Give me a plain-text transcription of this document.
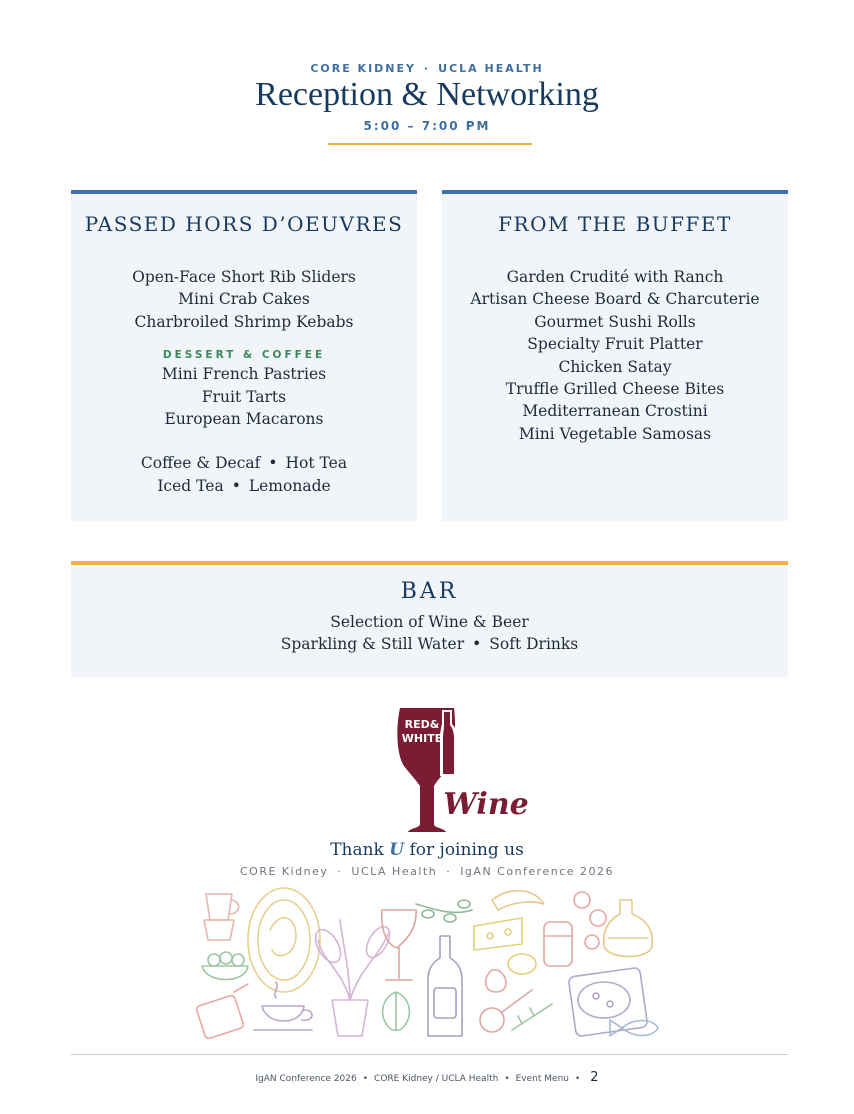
CORE KIDNEY · UCLA HEALTH
Reception & Networking
5:00 – 7:00 PM
PASSED HORS D’OEUVRES
Open-Face Short Rib Sliders
Mini Crab Cakes
Charbroiled Shrimp Kebabs
DESSERT & COFFEE
Mini French Pastries
Fruit Tarts
European Macarons
Coffee & Decaf • Hot Tea
Iced Tea • Lemonade
FROM THE BUFFET
Garden Crudité with Ranch
Artisan Cheese Board & Charcuterie
Gourmet Sushi Rolls
Specialty Fruit Platter
Chicken Satay
Truffle Grilled Cheese Bites
Mediterranean Crostini
Mini Vegetable Samosas
BAR
Selection of Wine & Beer
Sparkling & Still Water • Soft Drinks
RED&
WHITE
Wine
Thank U for joining us
CORE Kidney · UCLA Health · IgAN Conference 2026
IgAN Conference 2026 • CORE Kidney / UCLA Health • Event Menu • 2
